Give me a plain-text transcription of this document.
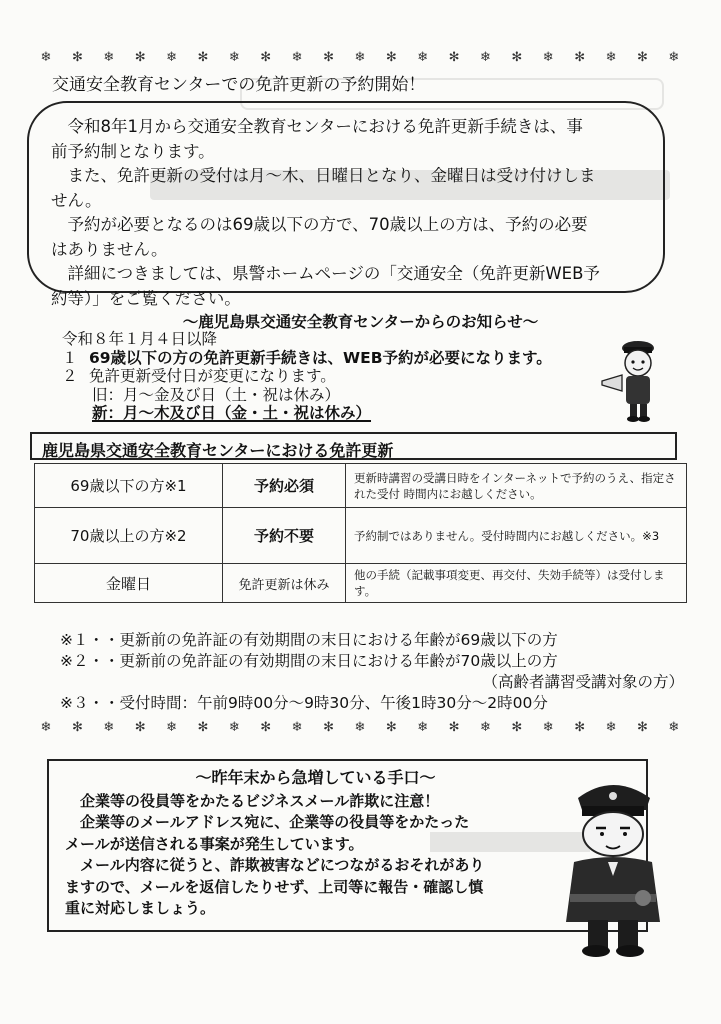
❄ ✻ ❄ ✻ ❄ ✻ ❄ ✻ ❄ ✻ ❄ ✻ ❄ ✻ ❄ ✻ ❄ ✻ ❄ ✻ ❄
❄ ✻ ❄ ✻ ❄ ✻ ❄ ✻ ❄ ✻ ❄ ✻ ❄ ✻ ❄ ✻ ❄ ✻ ❄ ✻ ❄
交通安全教育センターでの免許更新の予約開始！

　令和8年1月から交通安全教育センターにおける免許更新手続きは、事

前予約制となります。

　また、免許更新の受付は月～木、日曜日となり、金曜日は受け付けしま

せん。

　予約が必要となるのは69歳以下の方で、70歳以上の方は、予約の必要

はありません。

　詳細につきましては、県警ホームページの「交通安全（免許更新WEB予

約等）」をご覧ください。

～鹿児島県交通安全教育センターからのお知らせ～
令和８年１月４日以降
１ 69歳以下の方の免許更新手続きは、WEB予約が必要になります。
２ 免許更新受付日が変更になります。
旧：月～金及び日（土・祝は休み）
新：月～木及び日（金・土・祝は休み）
鹿児島県交通安全教育センターにおける免許更新
69歳以下の方※1	予約必須	更新時講習の受講日時をインターネットで予約のうえ、指定された受付 時間内にお越しください。
70歳以上の方※2	予約不要	予約制ではありません。受付時間内にお越しください。※3
金曜日	免許更新は休み	他の手続（記載事項変更、再交付、失効手続等）は受付します。
※１・・更新前の免許証の有効期間の末日における年齢が69歳以下の方
※２・・更新前の免許証の有効期間の末日における年齢が70歳以上の方
（高齢者講習受講対象の方）
※３・・受付時間：午前9時00分～9時30分、午後1時30分～2時00分
～昨年末から急増している手口～

　企業等の役員等をかたるビジネスメール詐欺に注意！

　企業等のメールアドレス宛に、企業等の役員等をかたった

メールが送信される事案が発生しています。

　メール内容に従うと、詐欺被害などにつながるおそれがあり

ますので、メールを返信したりせず、上司等に報告・確認し慎

重に対応しましょう。
